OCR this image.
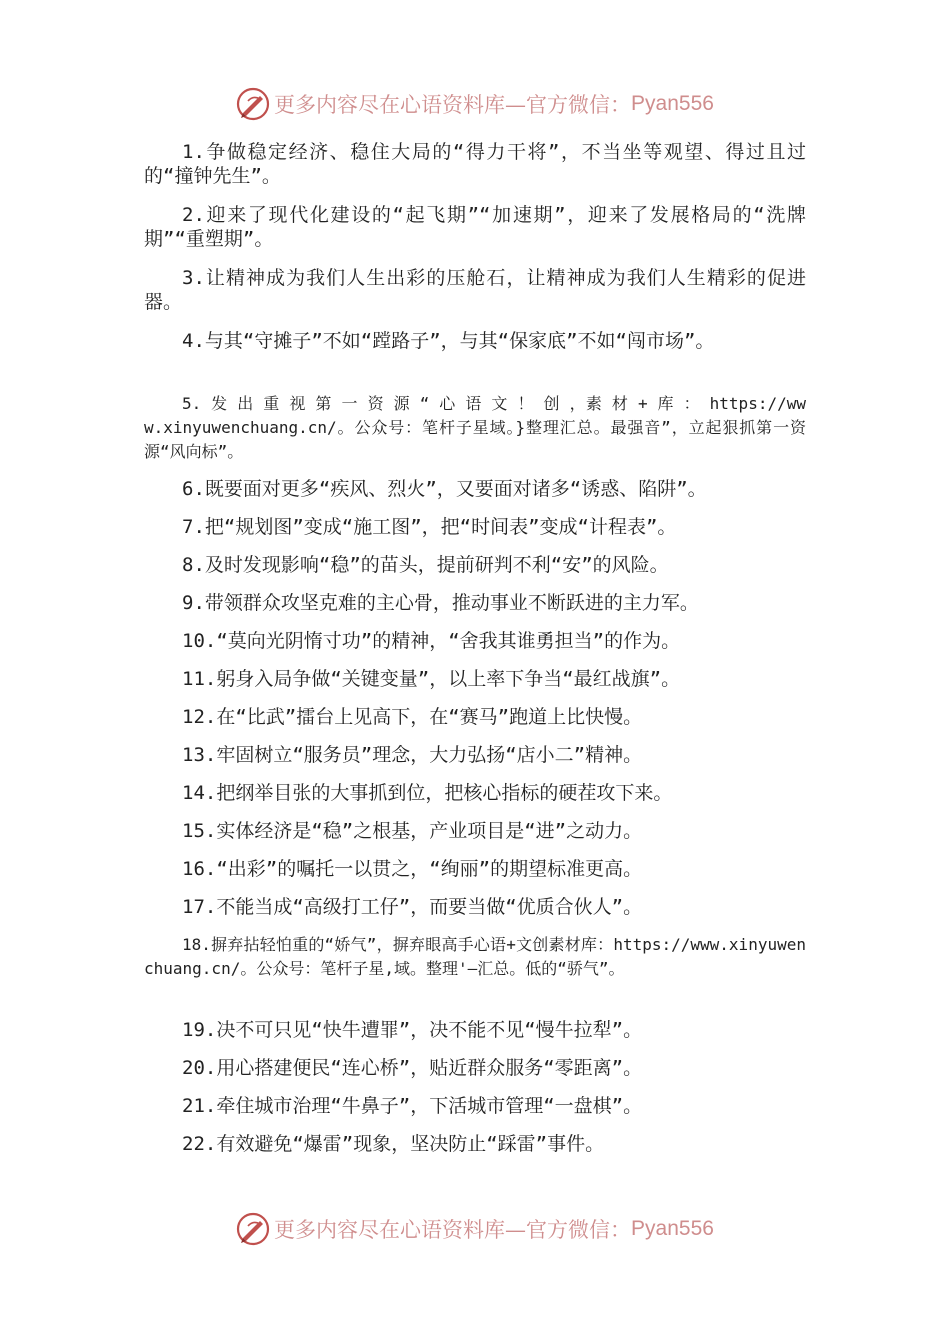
更多内容尽在心语资料库—官方微信： Pyan556

1.争做稳定经济、稳住大局的“得力干将”，不当坐等观望、得过且过的“撞钟先生”。

2.迎来了现代化建设的“起飞期”“加速期”，迎来了发展格局的“洗牌期”“重塑期”。

3.让精神成为我们人生出彩的压舱石，让精神成为我们人生精彩的促进器。

4.与其“守摊子”不如“蹚路子”，与其“保家底”不如“闯市场”。

5. 发 出 重 视 第 一 资 源 “ 心 语 文 ！ 创 ，素 材 + 库 ： https://www.xinyuwenchuang.cn/。公众号：笔杆子星域。}整理汇总。最强音”，立起狠抓第一资源“风向标”。

6.既要面对更多“疾风、烈火”，又要面对诸多“诱惑、陷阱”。

7.把“规划图”变成“施工图”，把“时间表”变成“计程表”。

8.及时发现影响“稳”的苗头，提前研判不利“安”的风险。

9.带领群众攻坚克难的主心骨，推动事业不断跃进的主力军。

10.“莫向光阴惰寸功”的精神，“舍我其谁勇担当”的作为。

11.躬身入局争做“关键变量”，以上率下争当“最红战旗”。

12.在“比武”擂台上见高下，在“赛马”跑道上比快慢。

13.牢固树立“服务员”理念，大力弘扬“店小二”精神。

14.把纲举目张的大事抓到位，把核心指标的硬茬攻下来。

15.实体经济是“稳”之根基，产业项目是“进”之动力。

16.“出彩”的嘱托一以贯之，“绚丽”的期望标准更高。

17.不能当成“高级打工仔”，而要当做“优质合伙人”。

18.摒弃拈轻怕重的“娇气”，摒弃眼高手心语+文创素材库：https://www.xinyuwenchuang.cn/。公众号：笔杆子星,域。整理'—汇总。低的“骄气”。

19.决不可只见“快牛遭罪”，决不能不见“慢牛拉犁”。

20.用心搭建便民“连心桥”，贴近群众服务“零距离”。

21.牵住城市治理“牛鼻子”，下活城市管理“一盘棋”。

22.有效避免“爆雷”现象，坚决防止“踩雷”事件。

更多内容尽在心语资料库—官方微信： Pyan556
